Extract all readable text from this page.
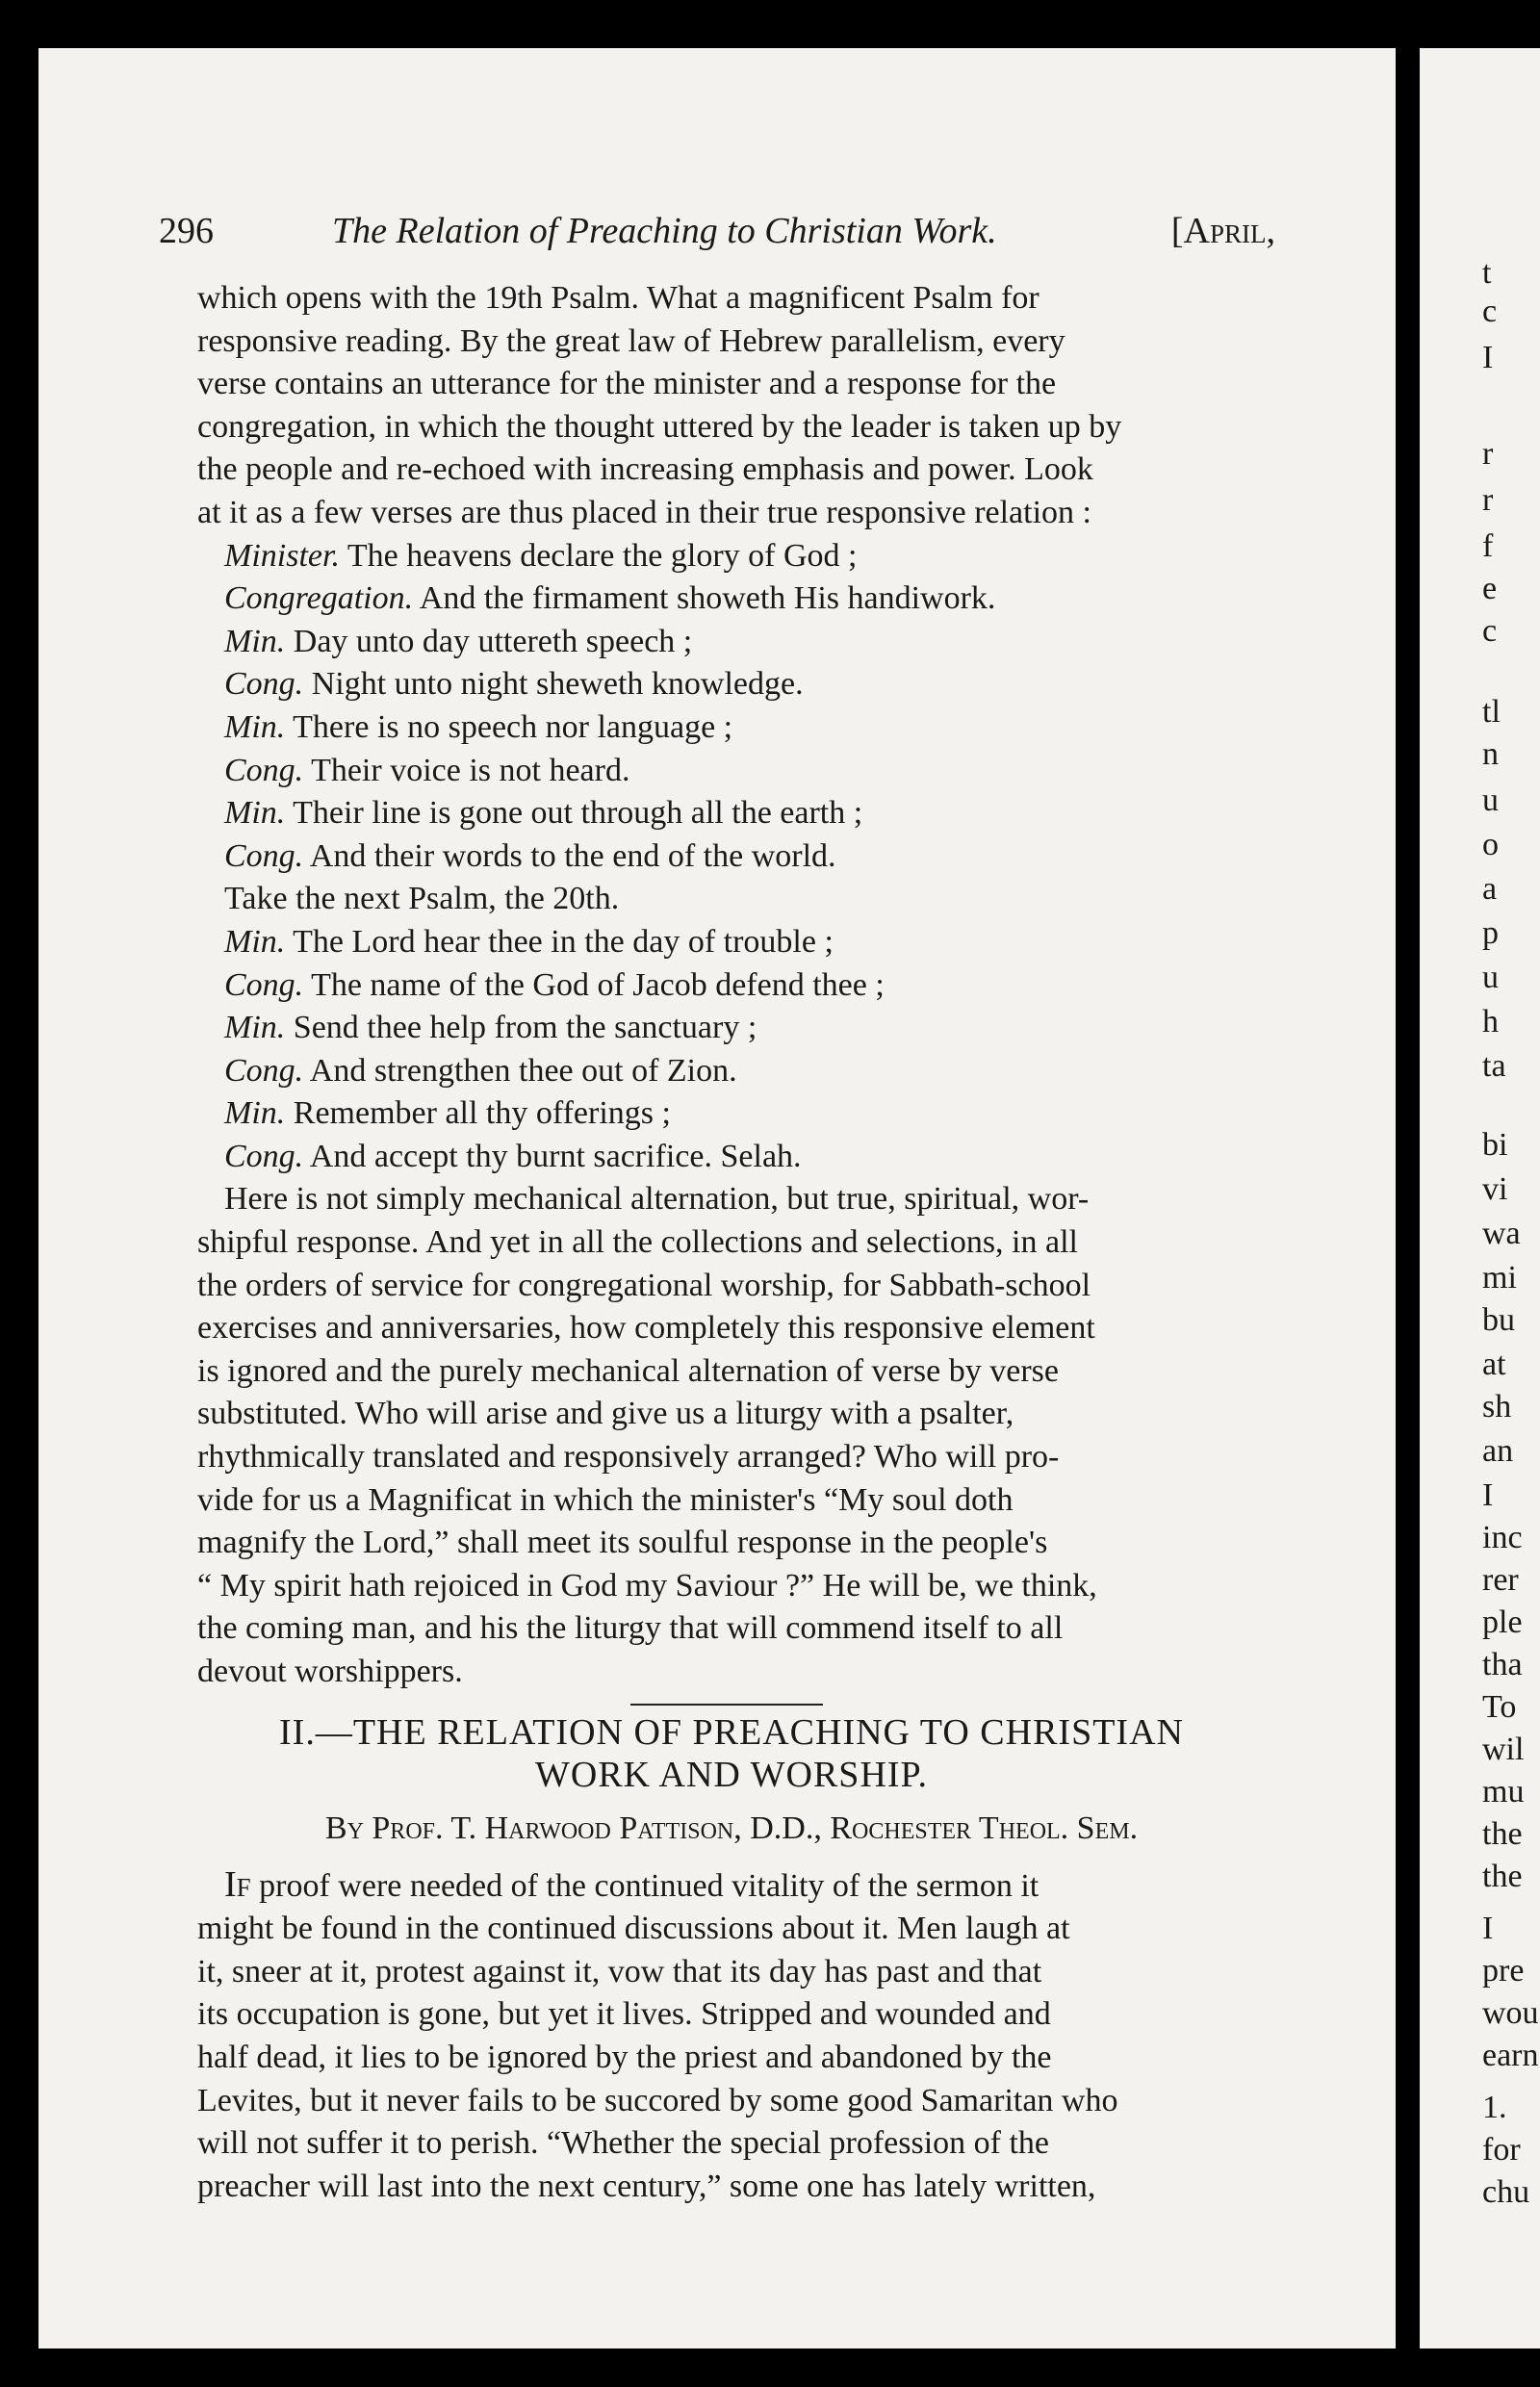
296	The Relation of Preaching to Christian Work.	[April,
which opens with the 19th Psalm. What a magnificent Psalm for
responsive reading. By the great law of Hebrew parallelism, every
verse contains an utterance for the minister and a response for the
congregation, in which the thought uttered by the leader is taken up by
the people and re-echoed with increasing emphasis and power. Look
at it as a few verses are thus placed in their true responsive relation :
Minister. The heavens declare the glory of God ;
Congregation. And the firmament showeth His handiwork.
Min. Day unto day uttereth speech ;
Cong. Night unto night sheweth knowledge.
Min. There is no speech nor language ;
Cong. Their voice is not heard.
Min. Their line is gone out through all the earth ;
Cong. And their words to the end of the world.
Take the next Psalm, the 20th.
Min. The Lord hear thee in the day of trouble ;
Cong. The name of the God of Jacob defend thee ;
Min. Send thee help from the sanctuary ;
Cong. And strengthen thee out of Zion.
Min. Remember all thy offerings ;
Cong. And accept thy burnt sacrifice. Selah.
Here is not simply mechanical alternation, but true, spiritual, wor-
shipful response. And yet in all the collections and selections, in all
the orders of service for congregational worship, for Sabbath-school
exercises and anniversaries, how completely this responsive element
is ignored and the purely mechanical alternation of verse by verse
substituted. Who will arise and give us a liturgy with a psalter,
rhythmically translated and responsively arranged? Who will pro-
vide for us a Magnificat in which the minister's “My soul doth
magnify the Lord,” shall meet its soulful response in the people's
“ My spirit hath rejoiced in God my Saviour ?” He will be, we think,
the coming man, and his the liturgy that will commend itself to all
devout worshippers.
II.—THE RELATION OF PREACHING TO CHRISTIAN
WORK AND WORSHIP.
By Prof. T. Harwood Pattison, D.D., Rochester Theol. Sem.
If proof were needed of the continued vitality of the sermon it
might be found in the continued discussions about it. Men laugh at
it, sneer at it, protest against it, vow that its day has past and that
its occupation is gone, but yet it lives. Stripped and wounded and
half dead, it lies to be ignored by the priest and abandoned by the
Levites, but it never fails to be succored by some good Samaritan who
will not suffer it to perish. “Whether the special profession of the
preacher will last into the next century,” some one has lately written,
t
c
I
r
r
f
e
c
tl
n
u
o
a
p
u
h
ta
bi
vi
wa
mi
bu
at
sh
an
I
inc
rer
ple
tha
To
wil
mu
the
the
I
pre
wou
earn
1.
for
chu
